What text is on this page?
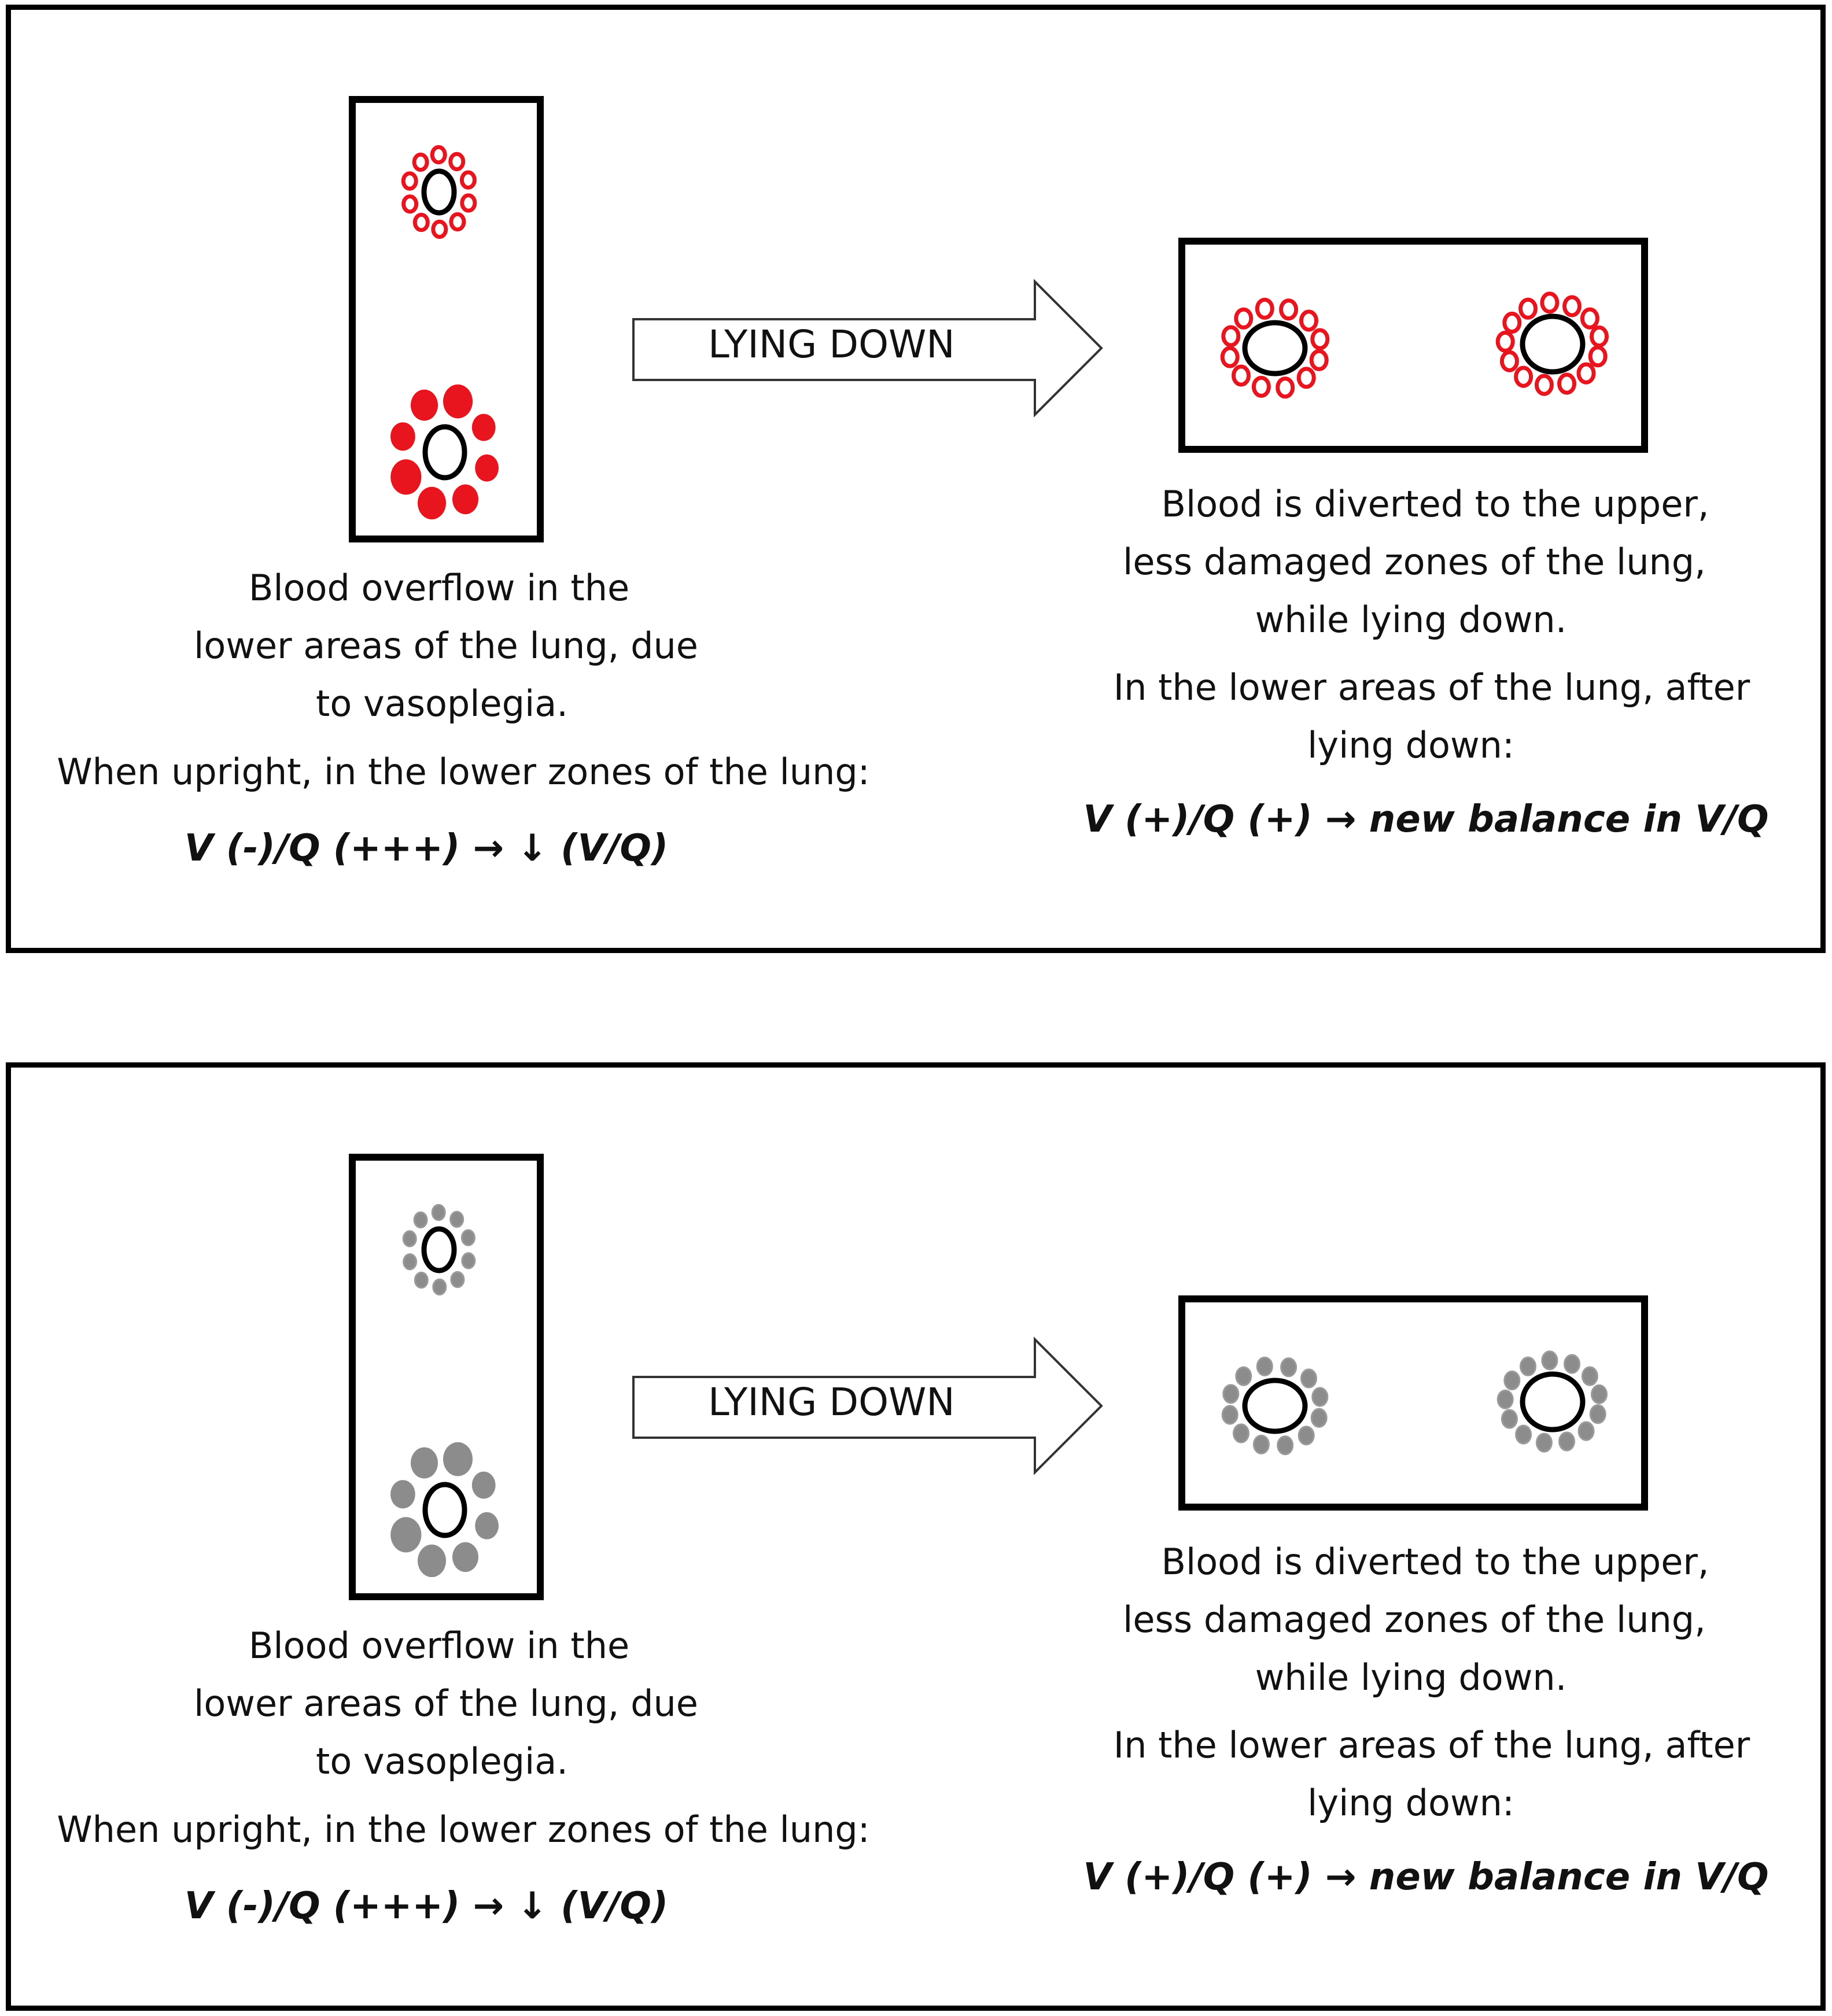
LYING DOWN
Blood overflow in the
lower areas of the lung, due
to vasoplegia.
When upright, in the lower zones of the lung:
V (-)/Q (+++) → ↓ (V/Q)
Blood is diverted to the upper,
less damaged zones of the lung,
while lying down.
In the lower areas of the lung, after
lying down:
V (+)/Q (+) → new balance in V/Q
LYING DOWN
Blood overflow in the
lower areas of the lung, due
to vasoplegia.
When upright, in the lower zones of the lung:
V (-)/Q (+++) → ↓ (V/Q)
Blood is diverted to the upper,
less damaged zones of the lung,
while lying down.
In the lower areas of the lung, after
lying down:
V (+)/Q (+) → new balance in V/Q
